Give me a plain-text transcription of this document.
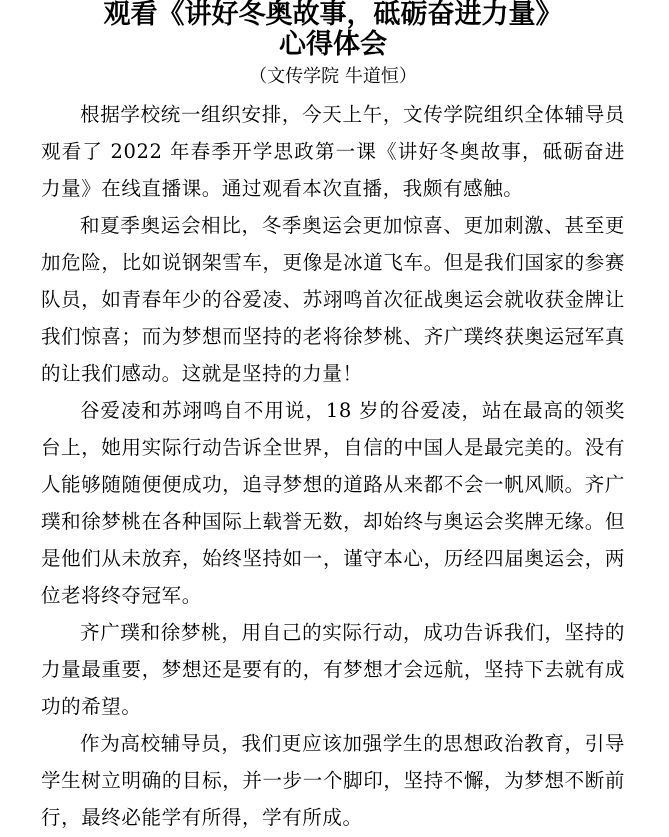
观看《讲好冬奥故事，砥砺奋进力量》
心得体会
（文传学院 牛道恒）

根据学校统一组织安排，今天上午，文传学院组织全体辅导员观看了 2022 年春季开学思政第一课《讲好冬奥故事，砥砺奋进力量》在线直播课。通过观看本次直播，我颇有感触。

和夏季奥运会相比，冬季奥运会更加惊喜、更加刺激、甚至更加危险，比如说钢架雪车，更像是冰道飞车。但是我们国家的参赛队员，如青春年少的谷爱凌、苏翊鸣首次征战奥运会就收获金牌让我们惊喜；而为梦想而坚持的老将徐梦桃、齐广璞终获奥运冠军真的让我们感动。这就是坚持的力量！

谷爱凌和苏翊鸣自不用说，18 岁的谷爱凌，站在最高的领奖台上，她用实际行动告诉全世界，自信的中国人是最完美的。没有人能够随随便便成功，追寻梦想的道路从来都不会一帆风顺。齐广璞和徐梦桃在各种国际上载誉无数，却始终与奥运会奖牌无缘。但是他们从未放弃，始终坚持如一，谨守本心，历经四届奥运会，两位老将终夺冠军。

齐广璞和徐梦桃，用自己的实际行动，成功告诉我们，坚持的力量最重要，梦想还是要有的，有梦想才会远航，坚持下去就有成功的希望。

作为高校辅导员，我们更应该加强学生的思想政治教育，引导学生树立明确的目标，并一步一个脚印，坚持不懈，为梦想不断前行，最终必能学有所得，学有所成。
